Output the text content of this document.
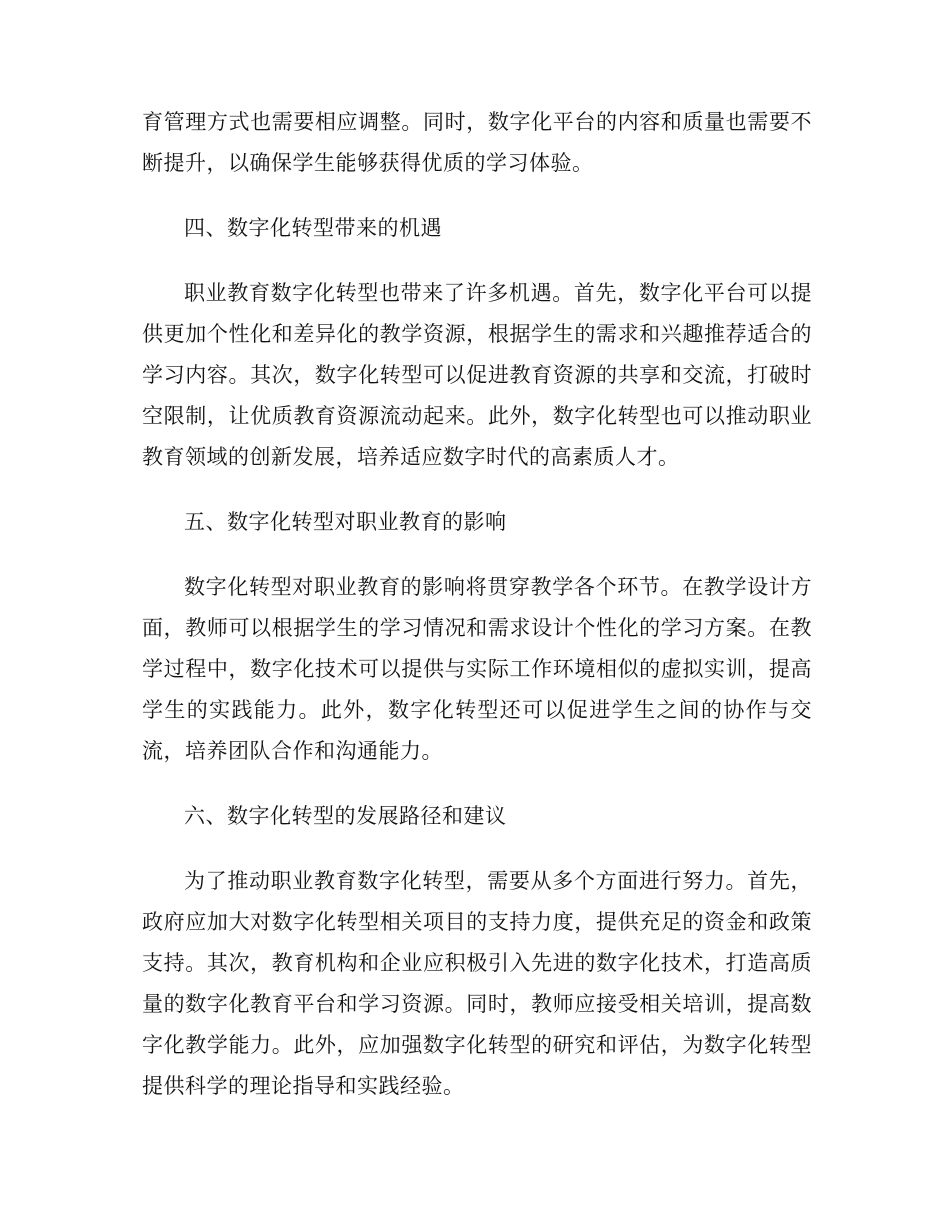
育管理方式也需要相应调整。同时，数字化平台的内容和质量也需要不断提升，以确保学生能够获得优质的学习体验。

四、数字化转型带来的机遇

职业教育数字化转型也带来了许多机遇。首先，数字化平台可以提供更加个性化和差异化的教学资源，根据学生的需求和兴趣推荐适合的学习内容。其次，数字化转型可以促进教育资源的共享和交流，打破时空限制，让优质教育资源流动起来。此外，数字化转型也可以推动职业教育领域的创新发展，培养适应数字时代的高素质人才。

五、数字化转型对职业教育的影响

数字化转型对职业教育的影响将贯穿教学各个环节。在教学设计方面，教师可以根据学生的学习情况和需求设计个性化的学习方案。在教学过程中，数字化技术可以提供与实际工作环境相似的虚拟实训，提高学生的实践能力。此外，数字化转型还可以促进学生之间的协作与交流，培养团队合作和沟通能力。

六、数字化转型的发展路径和建议

为了推动职业教育数字化转型，需要从多个方面进行努力。首先，政府应加大对数字化转型相关项目的支持力度，提供充足的资金和政策支持。其次，教育机构和企业应积极引入先进的数字化技术，打造高质量的数字化教育平台和学习资源。同时，教师应接受相关培训，提高数字化教学能力。此外，应加强数字化转型的研究和评估，为数字化转型提供科学的理论指导和实践经验。
